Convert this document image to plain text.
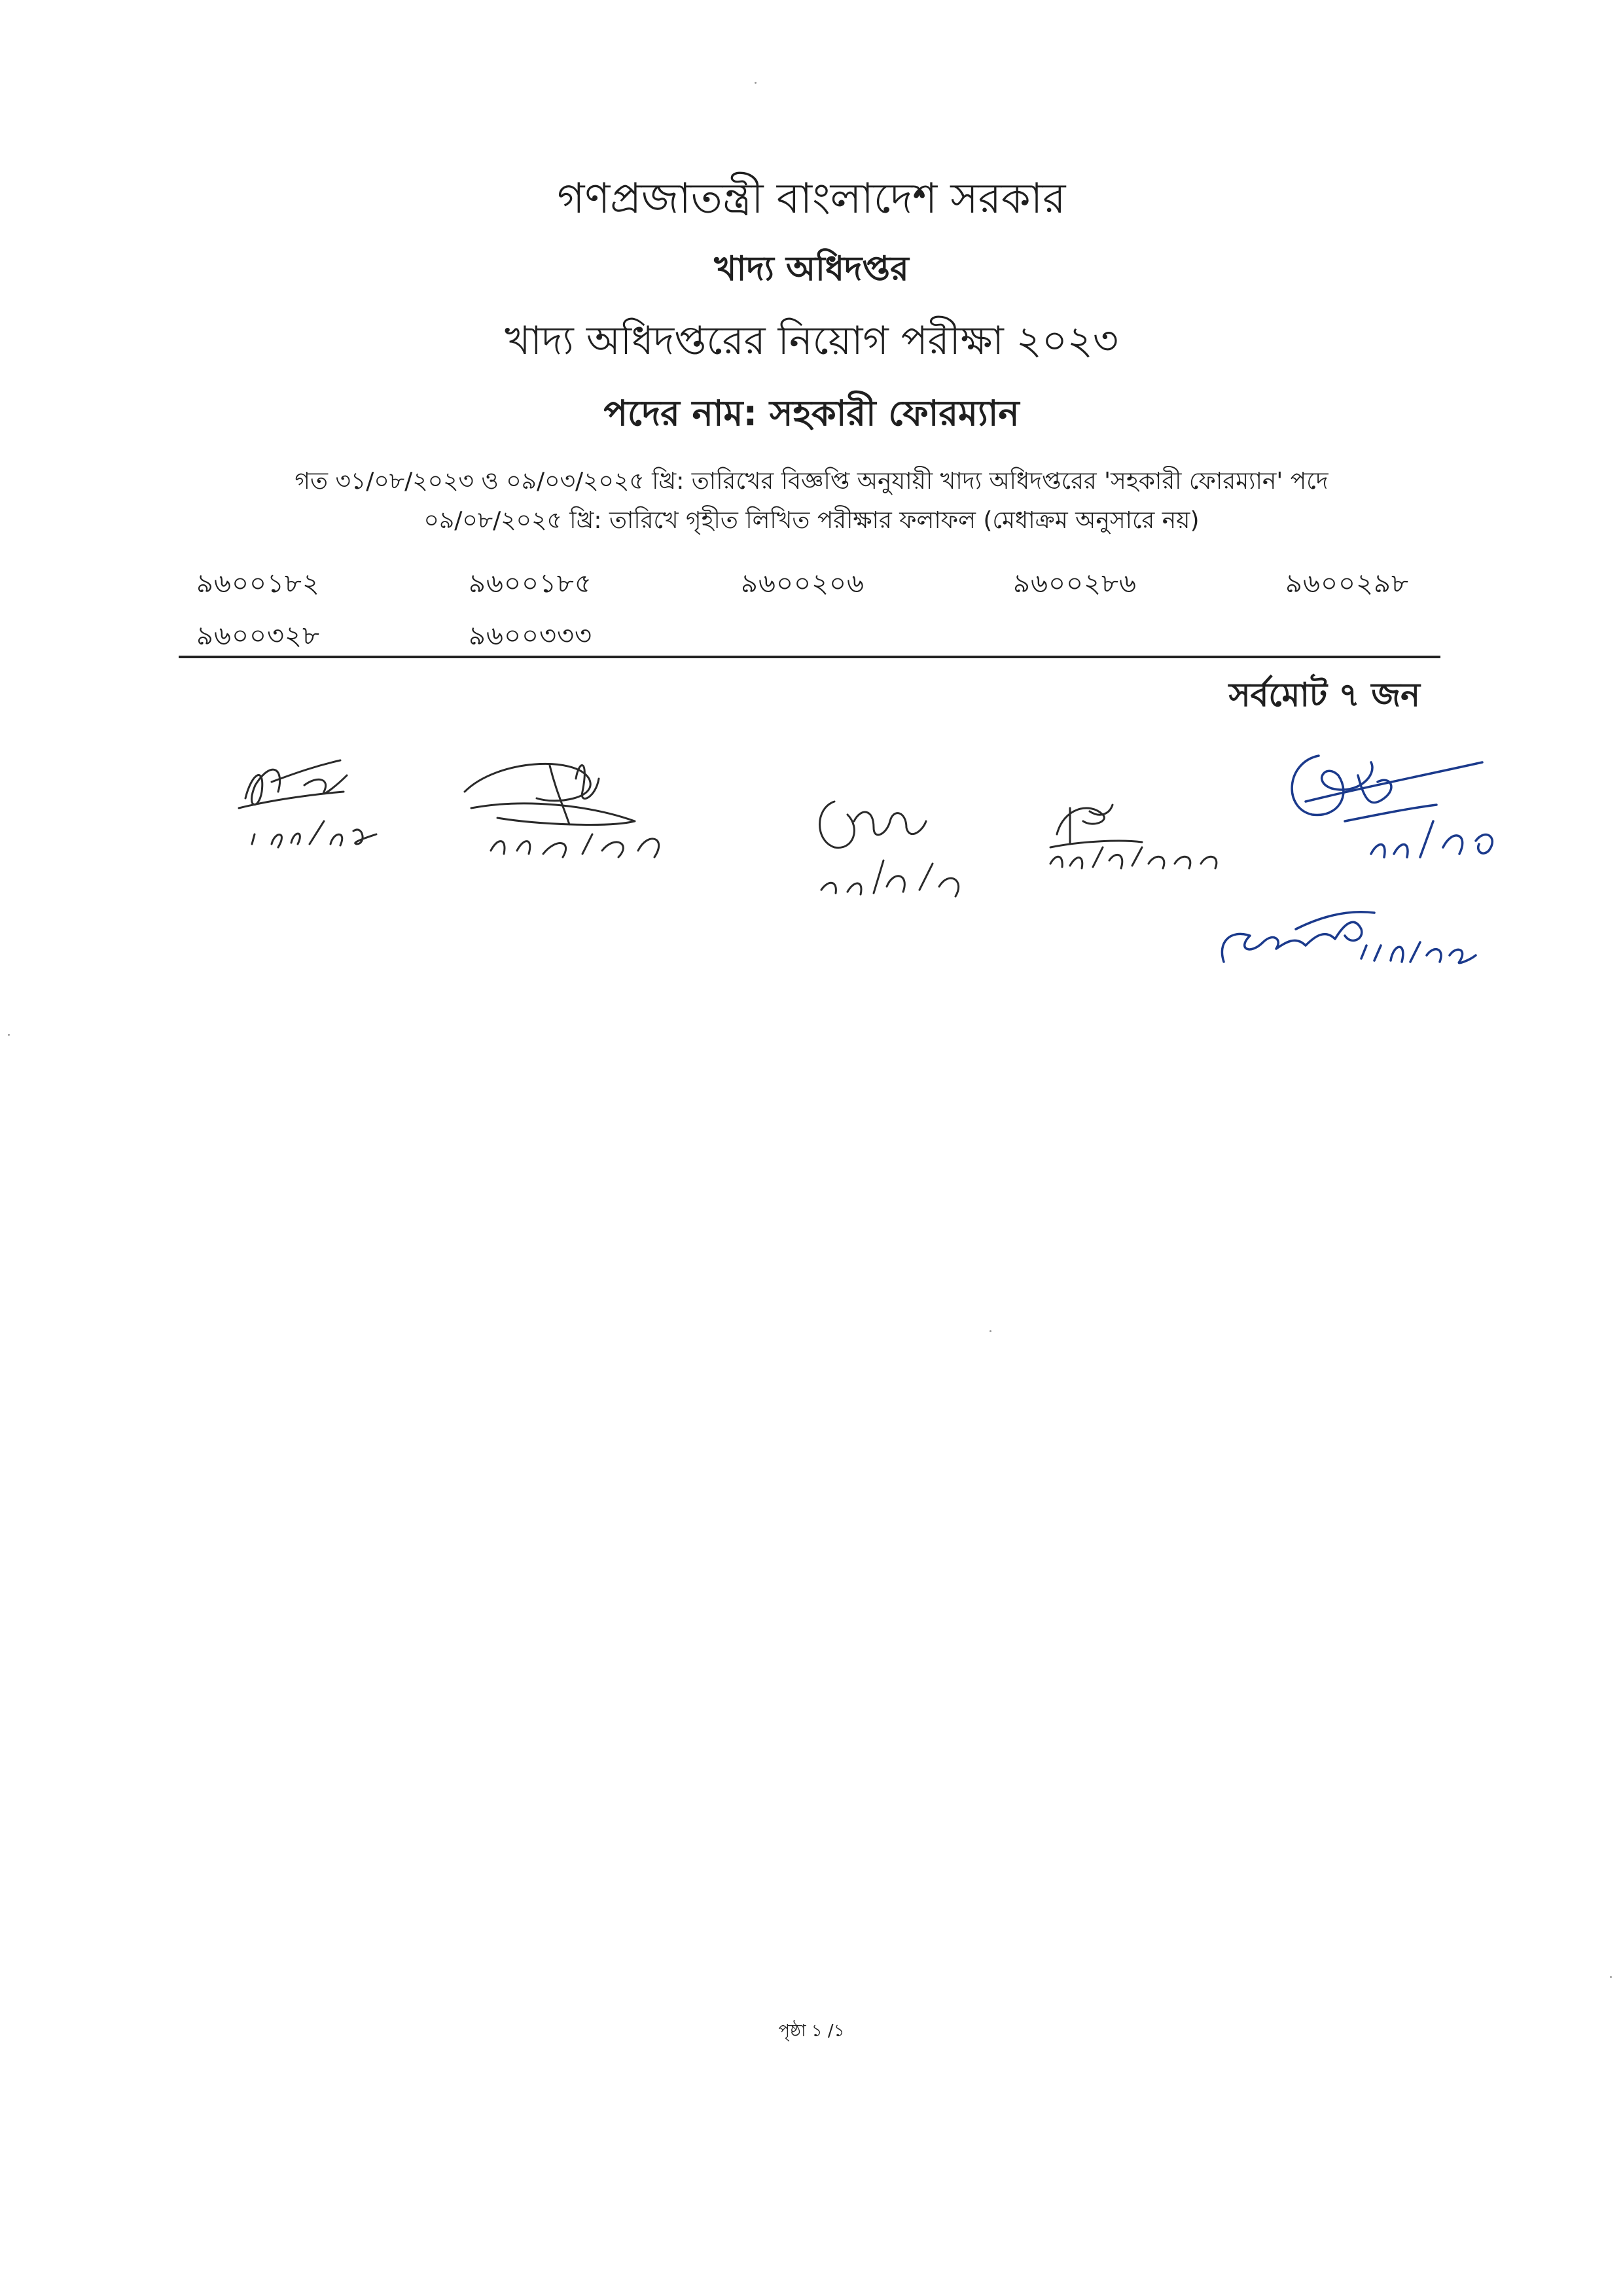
গণপ্রজাতন্ত্রী বাংলাদেশ সরকার
খাদ্য অধিদপ্তর
খাদ্য অধিদপ্তরের নিয়োগ পরীক্ষা ২০২৩
পদের নাম: সহকারী ফোরম্যান
গত ৩১/০৮/২০২৩ ও ০৯/০৩/২০২৫ খ্রি: তারিখের বিজ্ঞপ্তি অনুযায়ী খাদ্য অধিদপ্তরের 'সহকারী ফোরম্যান' পদে
০৯/০৮/২০২৫ খ্রি: তারিখে গৃহীত লিখিত পরীক্ষার ফলাফল (মেধাক্রম অনুসারে নয়)
৯৬০০১৮২	৯৬০০১৮৫	৯৬০০২০৬	৯৬০০২৮৬	৯৬০০২৯৮
৯৬০০৩২৮	৯৬০০৩৩৩
সর্বমোট ৭ জন
পৃষ্ঠা ১ /১
